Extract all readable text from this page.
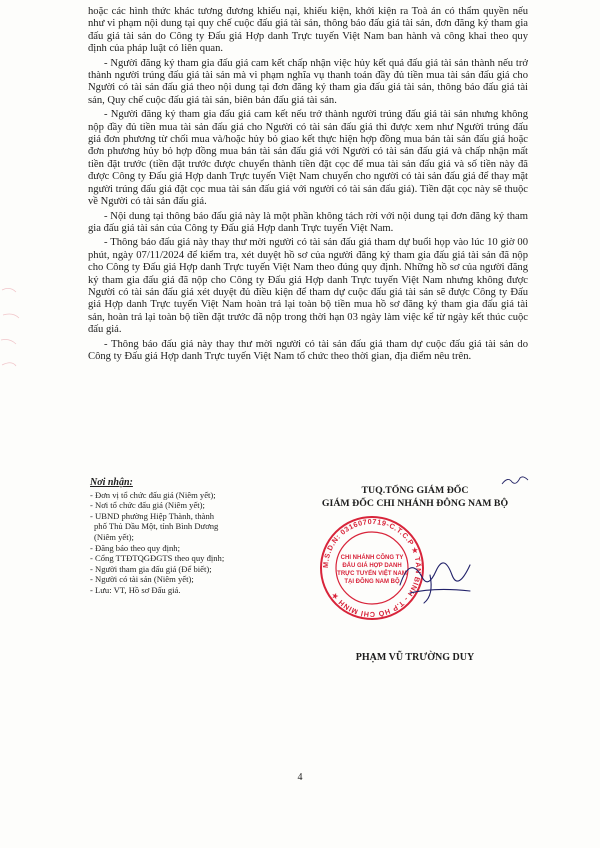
hoặc các hình thức khác tương đương khiếu nại, khiếu kiện, khởi kiện ra Toà án có thẩm quyền nếu như vi phạm nội dung tại quy chế cuộc đấu giá tài sản, thông báo đấu giá tài sản, đơn đăng ký tham gia đấu giá tài sản do Công ty Đấu giá Hợp danh Trực tuyến Việt Nam ban hành và công khai theo quy định của pháp luật có liên quan.

- Người đăng ký tham gia đấu giá cam kết chấp nhận việc hủy kết quả đấu giá tài sản thành nếu trở thành người trúng đấu giá tài sản mà vi phạm nghĩa vụ thanh toán đầy đủ tiền mua tài sản đấu giá cho Người có tài sản đấu giá theo nội dung tại đơn đăng ký tham gia đấu giá tài sản, thông báo đấu giá tài sản, Quy chế cuộc đấu giá tài sản, biên bản đấu giá tài sản.

- Người đăng ký tham gia đấu giá cam kết nếu trở thành người trúng đấu giá tài sản nhưng không nộp đầy đủ tiền mua tài sản đấu giá cho Người có tài sản đấu giá thì được xem như Người trúng đấu giá đơn phương từ chối mua và/hoặc hủy bỏ giao kết thực hiện hợp đồng mua bán tài sản đấu giá hoặc đơn phương hủy bỏ hợp đồng mua bán tài sản đấu giá với Người có tài sản đấu giá và chấp nhận mất tiền đặt trước (tiền đặt trước được chuyển thành tiền đặt cọc để mua tài sản đấu giá và số tiền này đã được Công ty Đấu giá Hợp danh Trực tuyến Việt Nam chuyển cho người có tài sản đấu giá để thay mặt người trúng đấu giá đặt cọc mua tài sản đấu giá với người có tài sản đấu giá). Tiền đặt cọc này sẽ thuộc về Người có tài sản đấu giá.

- Nội dung tại thông báo đấu giá này là một phần không tách rời với nội dung tại đơn đăng ký tham gia đấu giá tài sản của Công ty Đấu giá Hợp danh Trực tuyến Việt Nam.

- Thông báo đấu giá này thay thư mời người có tài sản đấu giá tham dự buổi họp vào lúc 10 giờ 00 phút, ngày 07/11/2024 để kiểm tra, xét duyệt hồ sơ của người đăng ký tham gia đấu giá tài sản đã nộp cho Công ty Đấu giá Hợp danh Trực tuyến Việt Nam theo đúng quy định. Những hồ sơ của người đăng ký tham gia đấu giá đã nộp cho Công ty Đấu giá Hợp danh Trực tuyến Việt Nam nhưng không được Người có tài sản đấu giá xét duyệt đủ điều kiện để tham dự cuộc đấu giá tài sản sẽ được Công ty Đấu giá Hợp danh Trực tuyến Việt Nam hoàn trả lại toàn bộ tiền mua hồ sơ đăng ký tham gia đấu giá tài sản, hoàn trả lại toàn bộ tiền đặt trước đã nộp trong thời hạn 03 ngày làm việc kể từ ngày kết thúc cuộc đấu giá.

- Thông báo đấu giá này thay thư mời người có tài sản đấu giá tham dự cuộc đấu giá tài sản do Công ty Đấu giá Hợp danh Trực tuyến Việt Nam tổ chức theo thời gian, địa điểm nêu trên.

Nơi nhận:
- Đơn vị tổ chức đấu giá (Niêm yết);
- Nơi tổ chức đấu giá (Niêm yết);
- UBND phường Hiệp Thành, thành
phố Thủ Dầu Một, tỉnh Bình Dương
(Niêm yết);
- Đăng báo theo quy định;
- Cổng TTĐTQGĐGTS theo quy định;
- Người tham gia đấu giá (Để biết);
- Người có tài sản (Niêm yết);
- Lưu: VT, Hồ sơ Đấu giá.
TUQ.TỔNG GIÁM ĐỐC
GIÁM ĐỐC CHI NHÁNH ĐÔNG NAM BỘ
M.S.D.N: 0316070719-C.T.C.P ★ TÂN BÌNH - T.P HỒ CHÍ MINH ★
CHI NHÁNH CÔNG TY
ĐẤU GIÁ HỢP DANH
TRỰC TUYẾN VIỆT NAM
TẠI ĐÔNG NAM BỘ
PHẠM VŨ TRƯỜNG DUY
4
